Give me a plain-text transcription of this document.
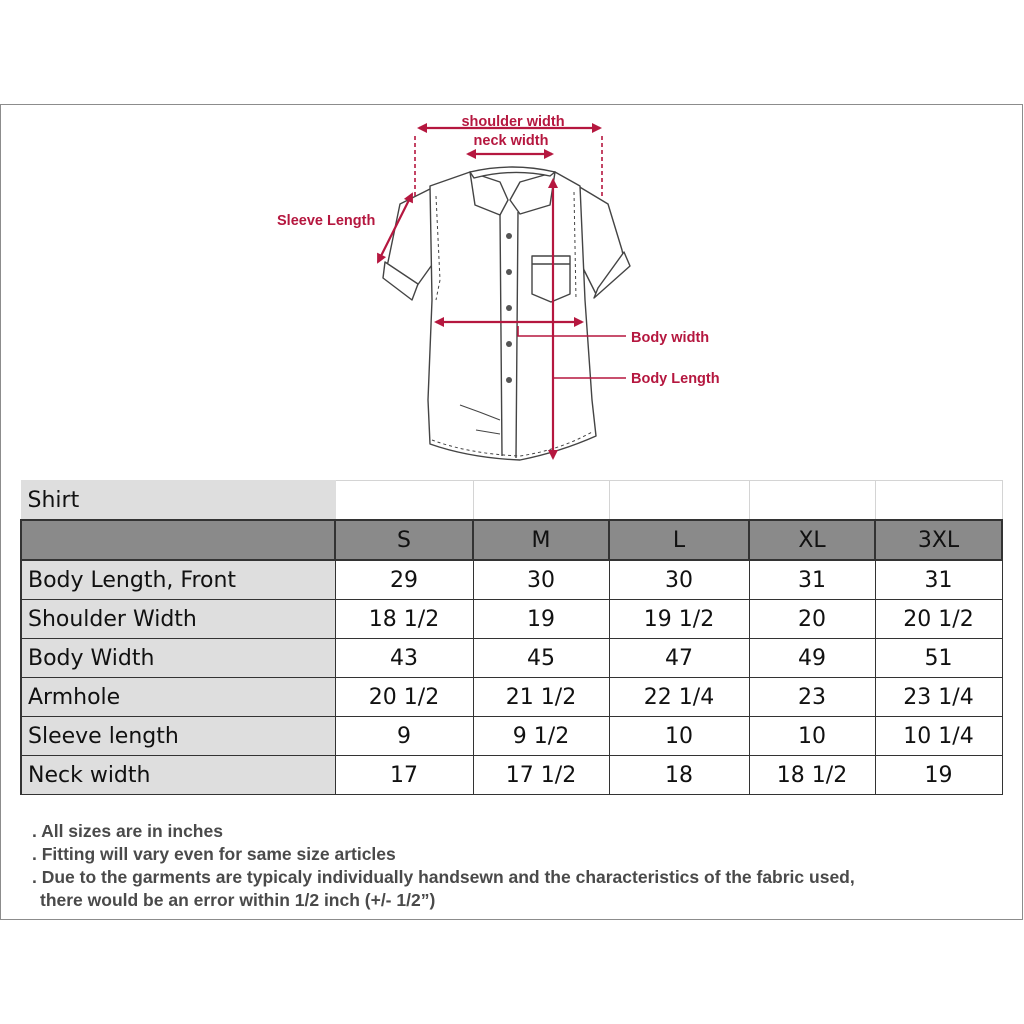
shoulder width
neck width
Sleeve Length
Body width
Body Length
Shirt					
	S	M	L	XL	3XL
Body Length, Front	29	30	30	31	31
Shoulder Width	18 1/2	19	19 1/2	20	20 1/2
Body Width	43	45	47	49	51
Armhole	20 1/2	21 1/2	22 1/4	23	23 1/4
Sleeve length	9	9 1/2	10	10	10 1/4
Neck width	17	17 1/2	18	18 1/2	19
. All sizes are in inches
. Fitting will vary even for same size articles
. Due to the garments are typicaly individually handsewn and the characteristics of the fabric used,
there would be an error within 1/2 inch (+/- 1/2”)
